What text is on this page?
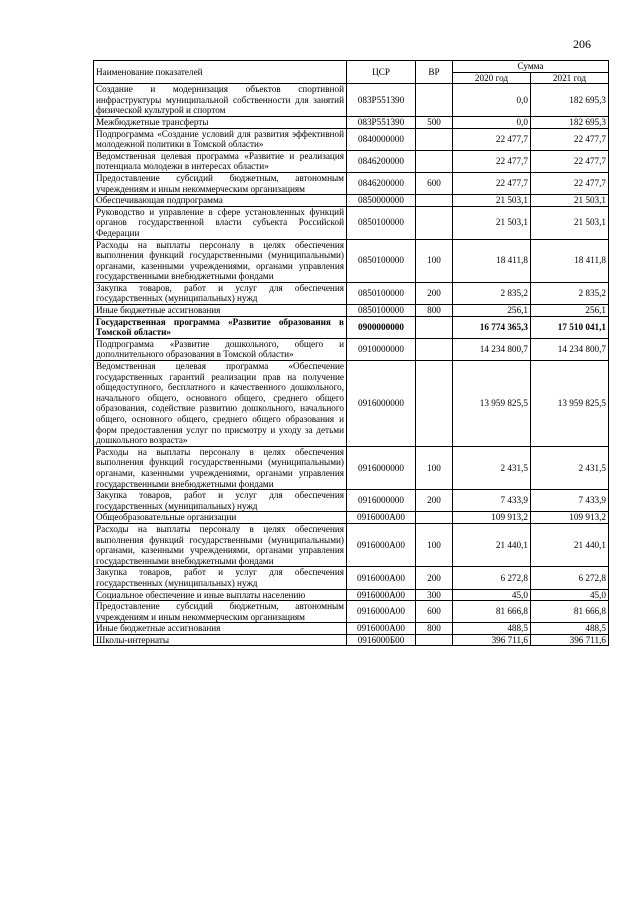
206
Наименование показателей	ЦСР	ВР	Сумма	
			2020 год	2021 год
Создание и модернизация объектов спортивной инфраструктуры муниципальной собственности для занятий физической культурой и спортом	083P551390		0,0	182 695,3
Межбюджетные трансферты	083P551390	500	0,0	182 695,3
Подпрограмма «Создание условий для развития эффективной молодежной политики в Томской области»	0840000000		22 477,7	22 477,7
Ведомственная целевая программа «Развитие и реализация потенциала молодежи в интересах области»	0846200000		22 477,7	22 477,7
Предоставление субсидий бюджетным, автономным учреждениям и иным некоммерческим организациям	0846200000	600	22 477,7	22 477,7
Обеспечивающая подпрограмма	0850000000		21 503,1	21 503,1
Руководство и управление в сфере установленных функций органов государственной власти субъекта Российской Федерации	0850100000		21 503,1	21 503,1
Расходы на выплаты персоналу в целях обеспечения выполнения функций государственными (муниципальными) органами, казенными учреждениями, органами управления государственными внебюджетными фондами	0850100000	100	18 411,8	18 411,8
Закупка товаров, работ и услуг для обеспечения государственных (муниципальных) нужд	0850100000	200	2 835,2	2 835,2
Иные бюджетные ассигнования	0850100000	800	256,1	256,1
Государственная программа «Развитие образования в Томской области»	0900000000		16 774 365,3	17 510 041,1
Подпрограмма «Развитие дошкольного, общего и дополнительного образования в Томской области»	0910000000		14 234 800,7	14 234 800,7
Ведомственная целевая программа «Обеспечение государственных гарантий реализации прав на получение общедоступного, бесплатного и качественного дошкольного, начального общего, основного общего, среднего общего образования, содействие развитию дошкольного, начального общего, основного общего, среднего общего образования и форм предоставления услуг по присмотру и уходу за детьми дошкольного возраста»	0916000000		13 959 825,5	13 959 825,5
Расходы на выплаты персоналу в целях обеспечения выполнения функций государственными (муниципальными) органами, казенными учреждениями, органами управления государственными внебюджетными фондами	0916000000	100	2 431,5	2 431,5
Закупка товаров, работ и услуг для обеспечения государственных (муниципальных) нужд	0916000000	200	7 433,9	7 433,9
Общеобразовательные организации	0916000А00		109 913,2	109 913,2
Расходы на выплаты персоналу в целях обеспечения выполнения функций государственными (муниципальными) органами, казенными учреждениями, органами управления государственными внебюджетными фондами	0916000А00	100	21 440,1	21 440,1
Закупка товаров, работ и услуг для обеспечения государственных (муниципальных) нужд	0916000А00	200	6 272,8	6 272,8
Социальное обеспечение и иные выплаты населению	0916000А00	300	45,0	45,0
Предоставление субсидий бюджетным, автономным учреждениям и иным некоммерческим организациям	0916000А00	600	81 666,8	81 666,8
Иные бюджетные ассигнования	0916000А00	800	488,5	488,5
Школы-интернаты	0916000Б00		396 711,6	396 711,6
